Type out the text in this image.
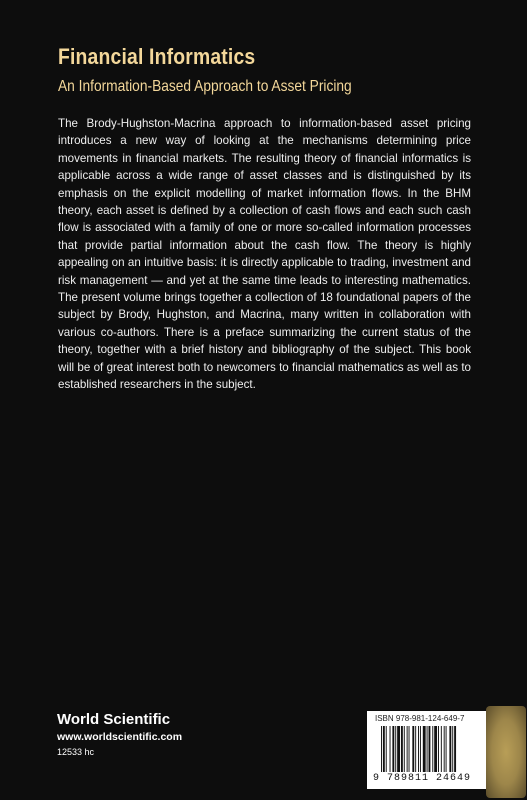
Financial Informatics
An Information-Based Approach to Asset Pricing

The Brody-Hughston-Macrina approach to information-based asset pricing introduces a new way of looking at the mechanisms determining price movements in financial markets. The resulting theory of financial informatics is applicable across a wide range of asset classes and is distinguished by its emphasis on the explicit modelling of market information flows. In the BHM theory, each asset is defined by a collection of cash flows and each such cash flow is associated with a family of one or more so-called information processes that provide partial information about the cash flow. The theory is highly appealing on an intuitive basis: it is directly applicable to trading, investment and risk management — and yet at the same time leads to interesting mathematics. The present volume brings together a collection of 18 foundational papers of the subject by Brody, Hughston, and Macrina, many written in collaboration with various co-authors. There is a preface summarizing the current status of the theory, together with a brief history and bibliography of the subject. This book will be of great interest both to newcomers to financial mathematics as well as to established researchers in the subject.

World Scientific
www.worldscientific.com
12533 hc
ISBN 978-981-124-649-7
9 789811 24649
